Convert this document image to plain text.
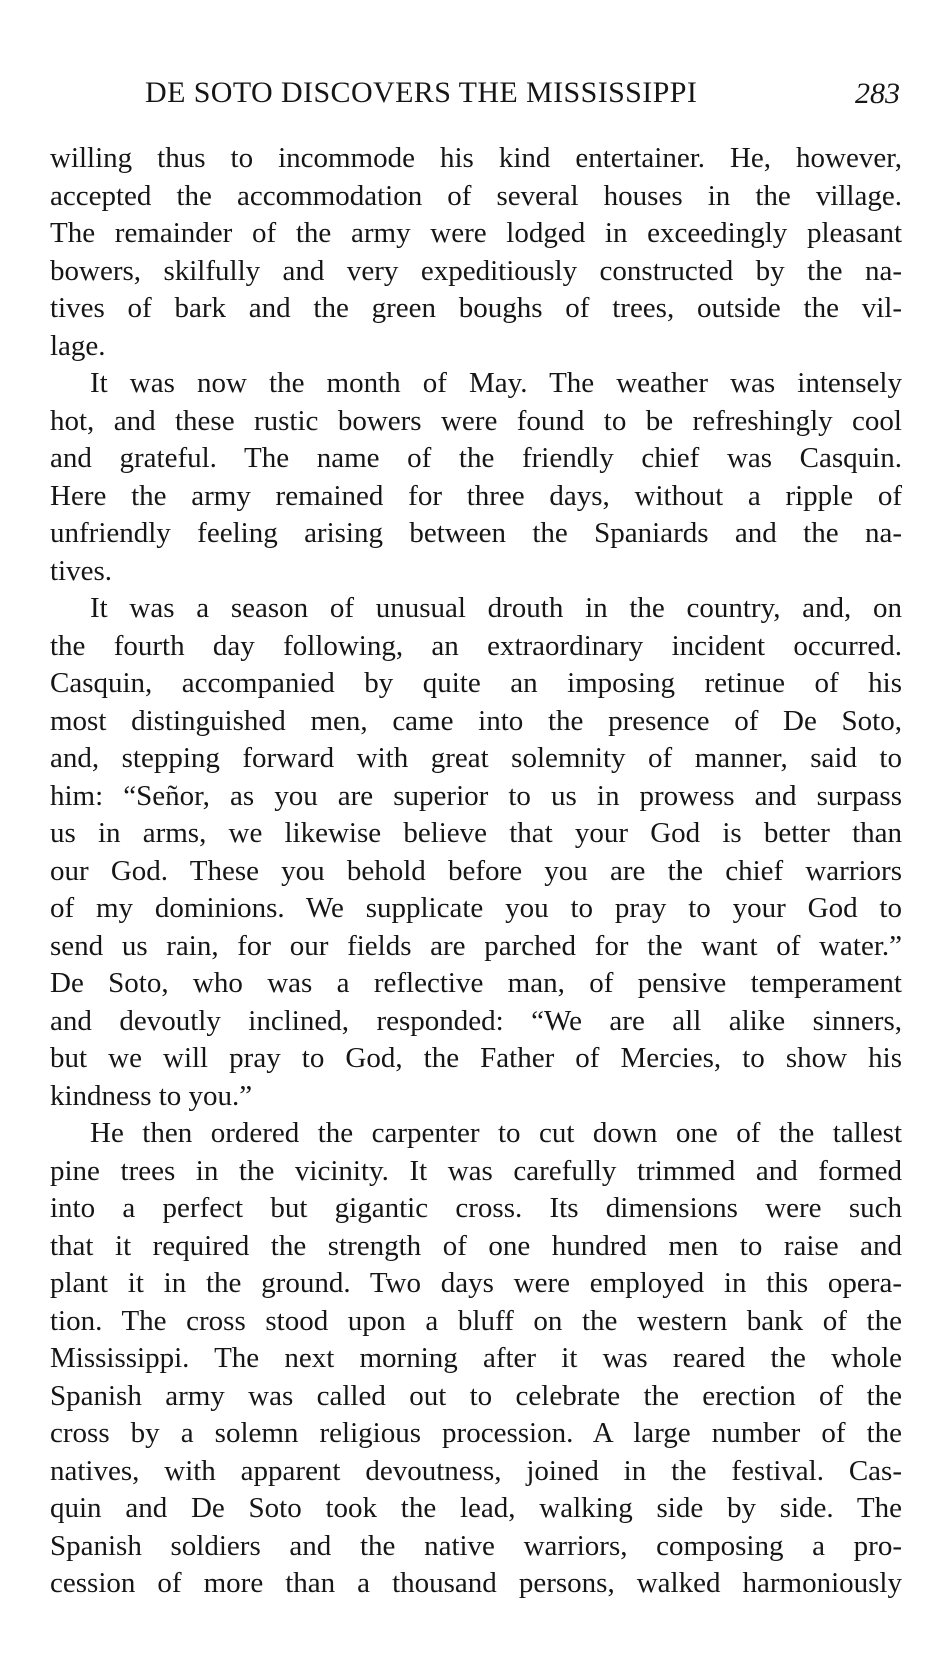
DE SOTO DISCOVERS THE MISSISSIPPI	283
willing thus to incommode his kind entertainer. He, however,
accepted the accommodation of several houses in the village.
The remainder of the army were lodged in exceedingly pleasant
bowers, skilfully and very expeditiously constructed by the na-
tives of bark and the green boughs of trees, outside the vil-
lage.
It was now the month of May. The weather was intensely
hot, and these rustic bowers were found to be refreshingly cool
and grateful. The name of the friendly chief was Casquin.
Here the army remained for three days, without a ripple of
unfriendly feeling arising between the Spaniards and the na-
tives.
It was a season of unusual drouth in the country, and, on
the fourth day following, an extraordinary incident occurred.
Casquin, accompanied by quite an imposing retinue of his
most distinguished men, came into the presence of De Soto,
and, stepping forward with great solemnity of manner, said to
him: “Señor, as you are superior to us in prowess and surpass
us in arms, we likewise believe that your God is better than
our God. These you behold before you are the chief warriors
of my dominions. We supplicate you to pray to your God to
send us rain, for our fields are parched for the want of water.”
De Soto, who was a reflective man, of pensive temperament
and devoutly inclined, responded: “We are all alike sinners,
but we will pray to God, the Father of Mercies, to show his
kindness to you.”
He then ordered the carpenter to cut down one of the tallest
pine trees in the vicinity. It was carefully trimmed and formed
into a perfect but gigantic cross. Its dimensions were such
that it required the strength of one hundred men to raise and
plant it in the ground. Two days were employed in this opera-
tion. The cross stood upon a bluff on the western bank of the
Mississippi. The next morning after it was reared the whole
Spanish army was called out to celebrate the erection of the
cross by a solemn religious procession. A large number of the
natives, with apparent devoutness, joined in the festival. Cas-
quin and De Soto took the lead, walking side by side. The
Spanish soldiers and the native warriors, composing a pro-
cession of more than a thousand persons, walked harmoniously
